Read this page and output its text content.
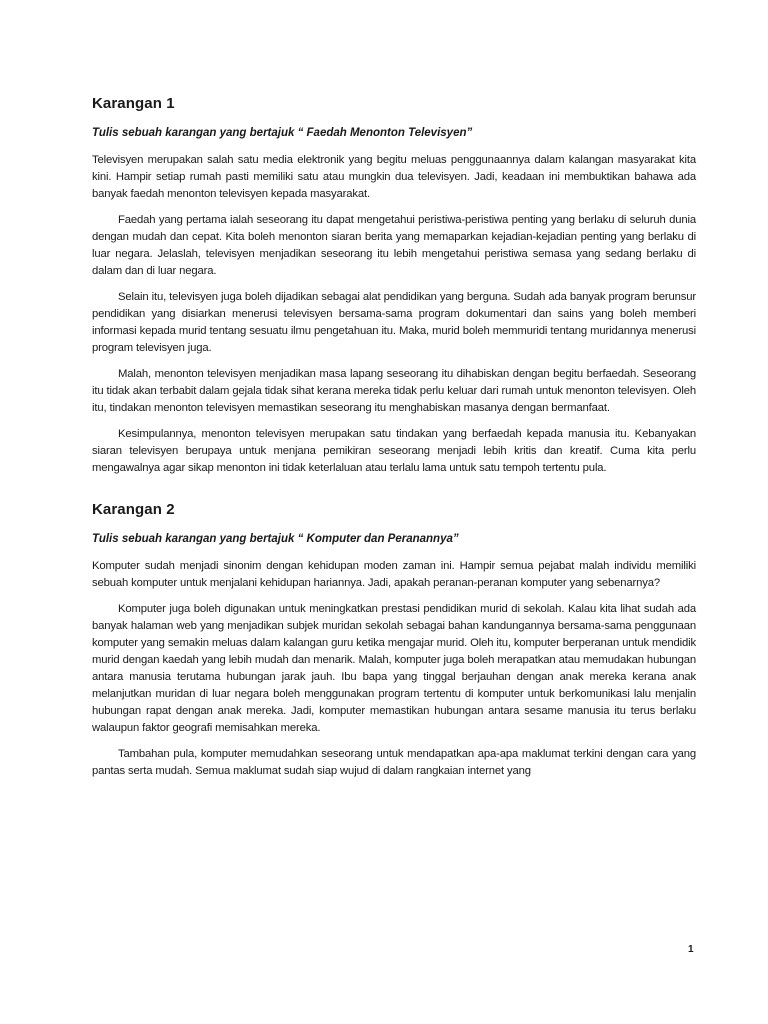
Karangan 1
Tulis sebuah karangan yang bertajuk “ Faedah Menonton Televisyen”

Televisyen merupakan salah satu media elektronik yang begitu meluas penggunaannya dalam kalangan masyarakat kita kini. Hampir setiap rumah pasti memiliki satu atau mungkin dua televisyen. Jadi, keadaan ini membuktikan bahawa ada banyak faedah menonton televisyen kepada masyarakat.

Faedah yang pertama ialah seseorang itu dapat mengetahui peristiwa-peristiwa penting yang berlaku di seluruh dunia dengan mudah dan cepat. Kita boleh menonton siaran berita yang memaparkan kejadian-kejadian penting yang berlaku di luar negara. Jelaslah, televisyen menjadikan seseorang itu lebih mengetahui peristiwa semasa yang sedang berlaku di dalam dan di luar negara.

Selain itu, televisyen juga boleh dijadikan sebagai alat pendidikan yang berguna. Sudah ada banyak program berunsur pendidikan yang disiarkan menerusi televisyen bersama-sama program dokumentari dan sains yang boleh memberi informasi kepada murid tentang sesuatu ilmu pengetahuan itu. Maka, murid boleh memmuridi tentang muridannya menerusi program televisyen juga.

Malah, menonton televisyen menjadikan masa lapang seseorang itu dihabiskan dengan begitu berfaedah. Seseorang itu tidak akan terbabit dalam gejala tidak sihat kerana mereka tidak perlu keluar dari rumah untuk menonton televisyen. Oleh itu, tindakan menonton televisyen memastikan seseorang itu menghabiskan masanya dengan bermanfaat.

Kesimpulannya, menonton televisyen merupakan satu tindakan yang berfaedah kepada manusia itu. Kebanyakan siaran televisyen berupaya untuk menjana pemikiran seseorang menjadi lebih kritis dan kreatif. Cuma kita perlu mengawalnya agar sikap menonton ini tidak keterlaluan atau terlalu lama untuk satu tempoh tertentu pula.

Karangan 2
Tulis sebuah karangan yang bertajuk “ Komputer dan Peranannya”

Komputer sudah menjadi sinonim dengan kehidupan moden zaman ini. Hampir semua pejabat malah individu memiliki sebuah komputer untuk menjalani kehidupan hariannya. Jadi, apakah peranan-peranan komputer yang sebenarnya?

Komputer juga boleh digunakan untuk meningkatkan prestasi pendidikan murid di sekolah. Kalau kita lihat sudah ada banyak halaman web yang menjadikan subjek muridan sekolah sebagai bahan kandungannya bersama-sama penggunaan komputer yang semakin meluas dalam kalangan guru ketika mengajar murid. Oleh itu, komputer berperanan untuk mendidik murid dengan kaedah yang lebih mudah dan menarik. Malah, komputer juga boleh merapatkan atau memudakan hubungan antara manusia terutama hubungan jarak jauh. Ibu bapa yang tinggal berjauhan dengan anak mereka kerana anak melanjutkan muridan di luar negara boleh menggunakan program tertentu di komputer untuk berkomunikasi lalu menjalin hubungan rapat dengan anak mereka. Jadi, komputer memastikan hubungan antara sesame manusia itu terus berlaku walaupun faktor geografi memisahkan mereka.

Tambahan pula, komputer memudahkan seseorang untuk mendapatkan apa-apa maklumat terkini dengan cara yang pantas serta mudah. Semua maklumat sudah siap wujud di dalam rangkaian internet yang

1
